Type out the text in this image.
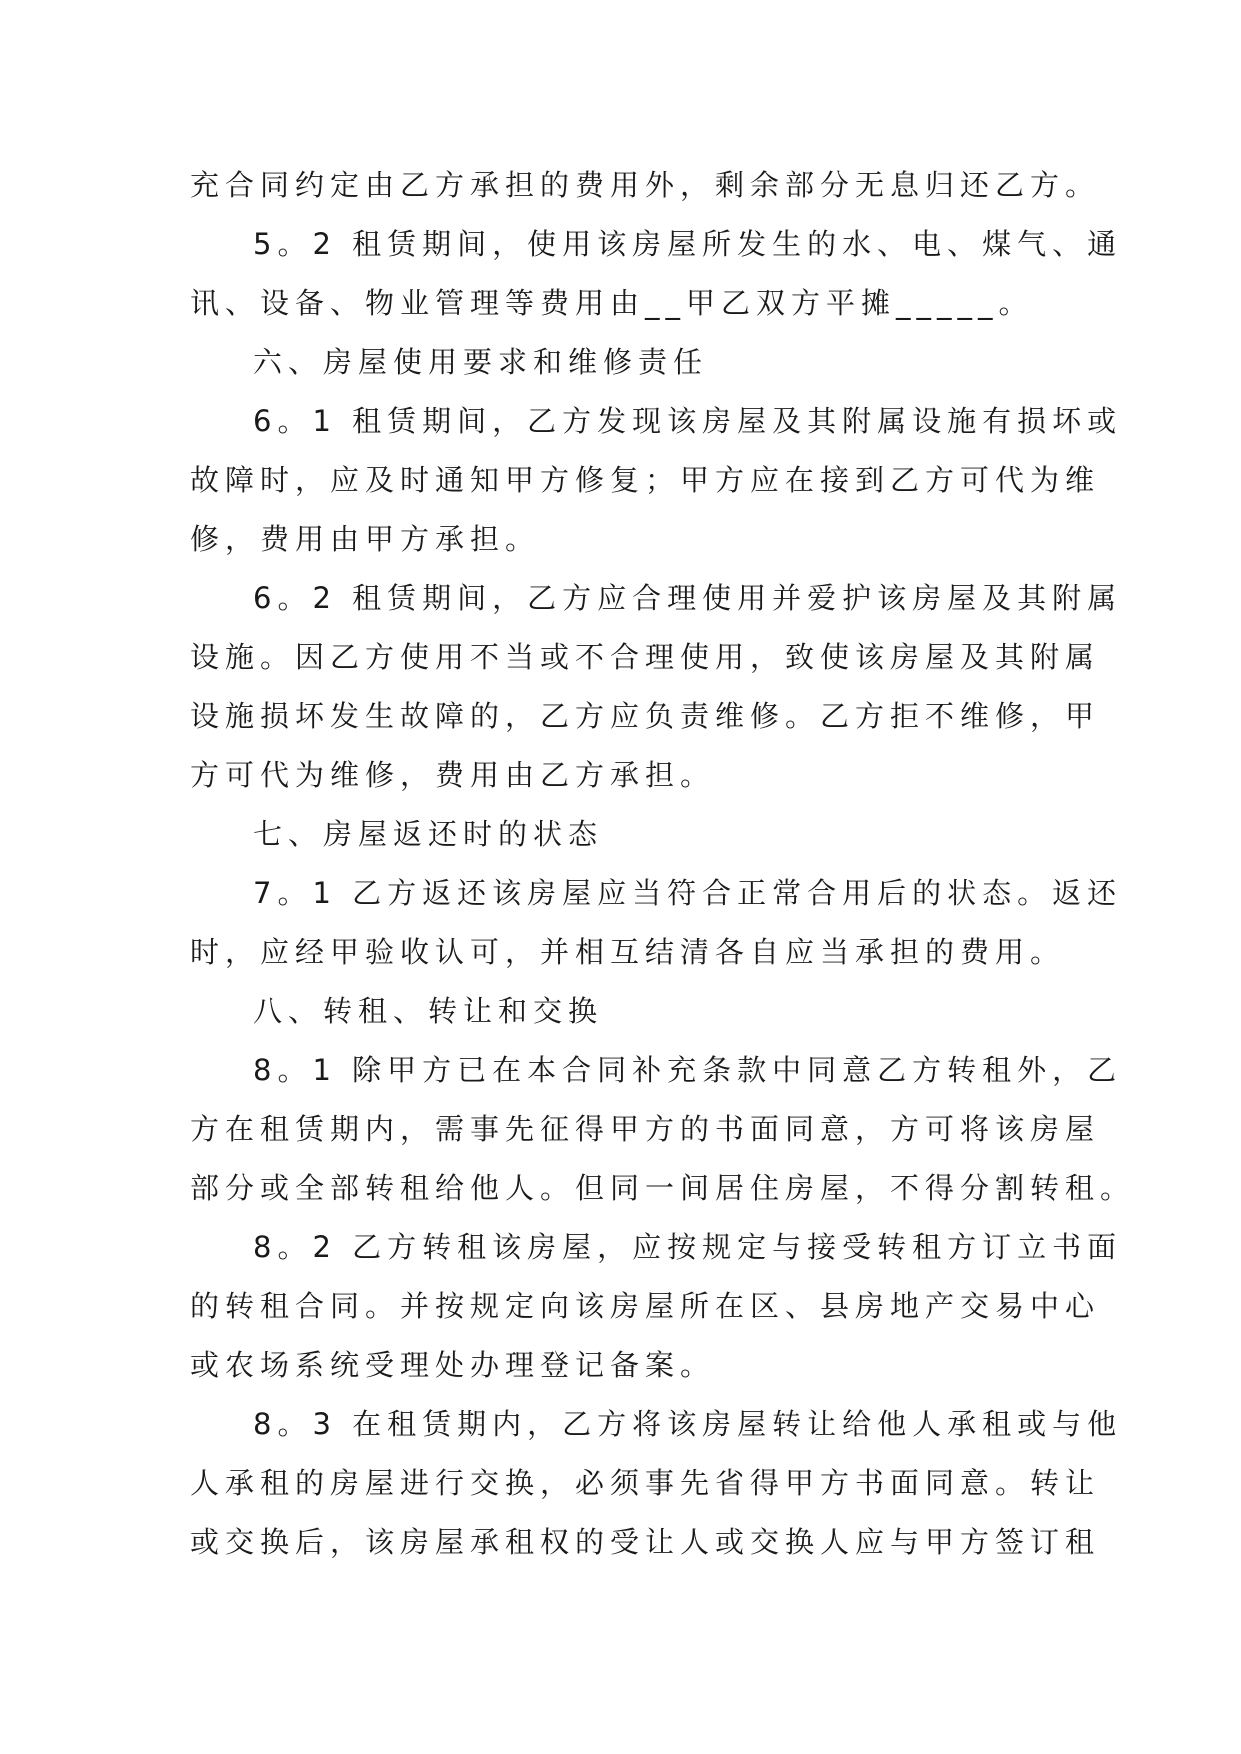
充合同约定由乙方承担的费用外，剩余部分无息归还乙方。
5。2 租赁期间，使用该房屋所发生的水、电、煤气、通
讯、设备、物业管理等费用由__甲乙双方平摊_____。
六、房屋使用要求和维修责任
6。1 租赁期间，乙方发现该房屋及其附属设施有损坏或
故障时，应及时通知甲方修复；甲方应在接到乙方可代为维
修，费用由甲方承担。
6。2 租赁期间，乙方应合理使用并爱护该房屋及其附属
设施。因乙方使用不当或不合理使用，致使该房屋及其附属
设施损坏发生故障的，乙方应负责维修。乙方拒不维修，甲
方可代为维修，费用由乙方承担。
七、房屋返还时的状态
7。1 乙方返还该房屋应当符合正常合用后的状态。返还
时，应经甲验收认可，并相互结清各自应当承担的费用。
八、转租、转让和交换
8。1 除甲方已在本合同补充条款中同意乙方转租外，乙
方在租赁期内，需事先征得甲方的书面同意，方可将该房屋
部分或全部转租给他人。但同一间居住房屋，不得分割转租。
8。2 乙方转租该房屋，应按规定与接受转租方订立书面
的转租合同。并按规定向该房屋所在区、县房地产交易中心
或农场系统受理处办理登记备案。
8。3 在租赁期内，乙方将该房屋转让给他人承租或与他
人承租的房屋进行交换，必须事先省得甲方书面同意。转让
或交换后，该房屋承租权的受让人或交换人应与甲方签订租
